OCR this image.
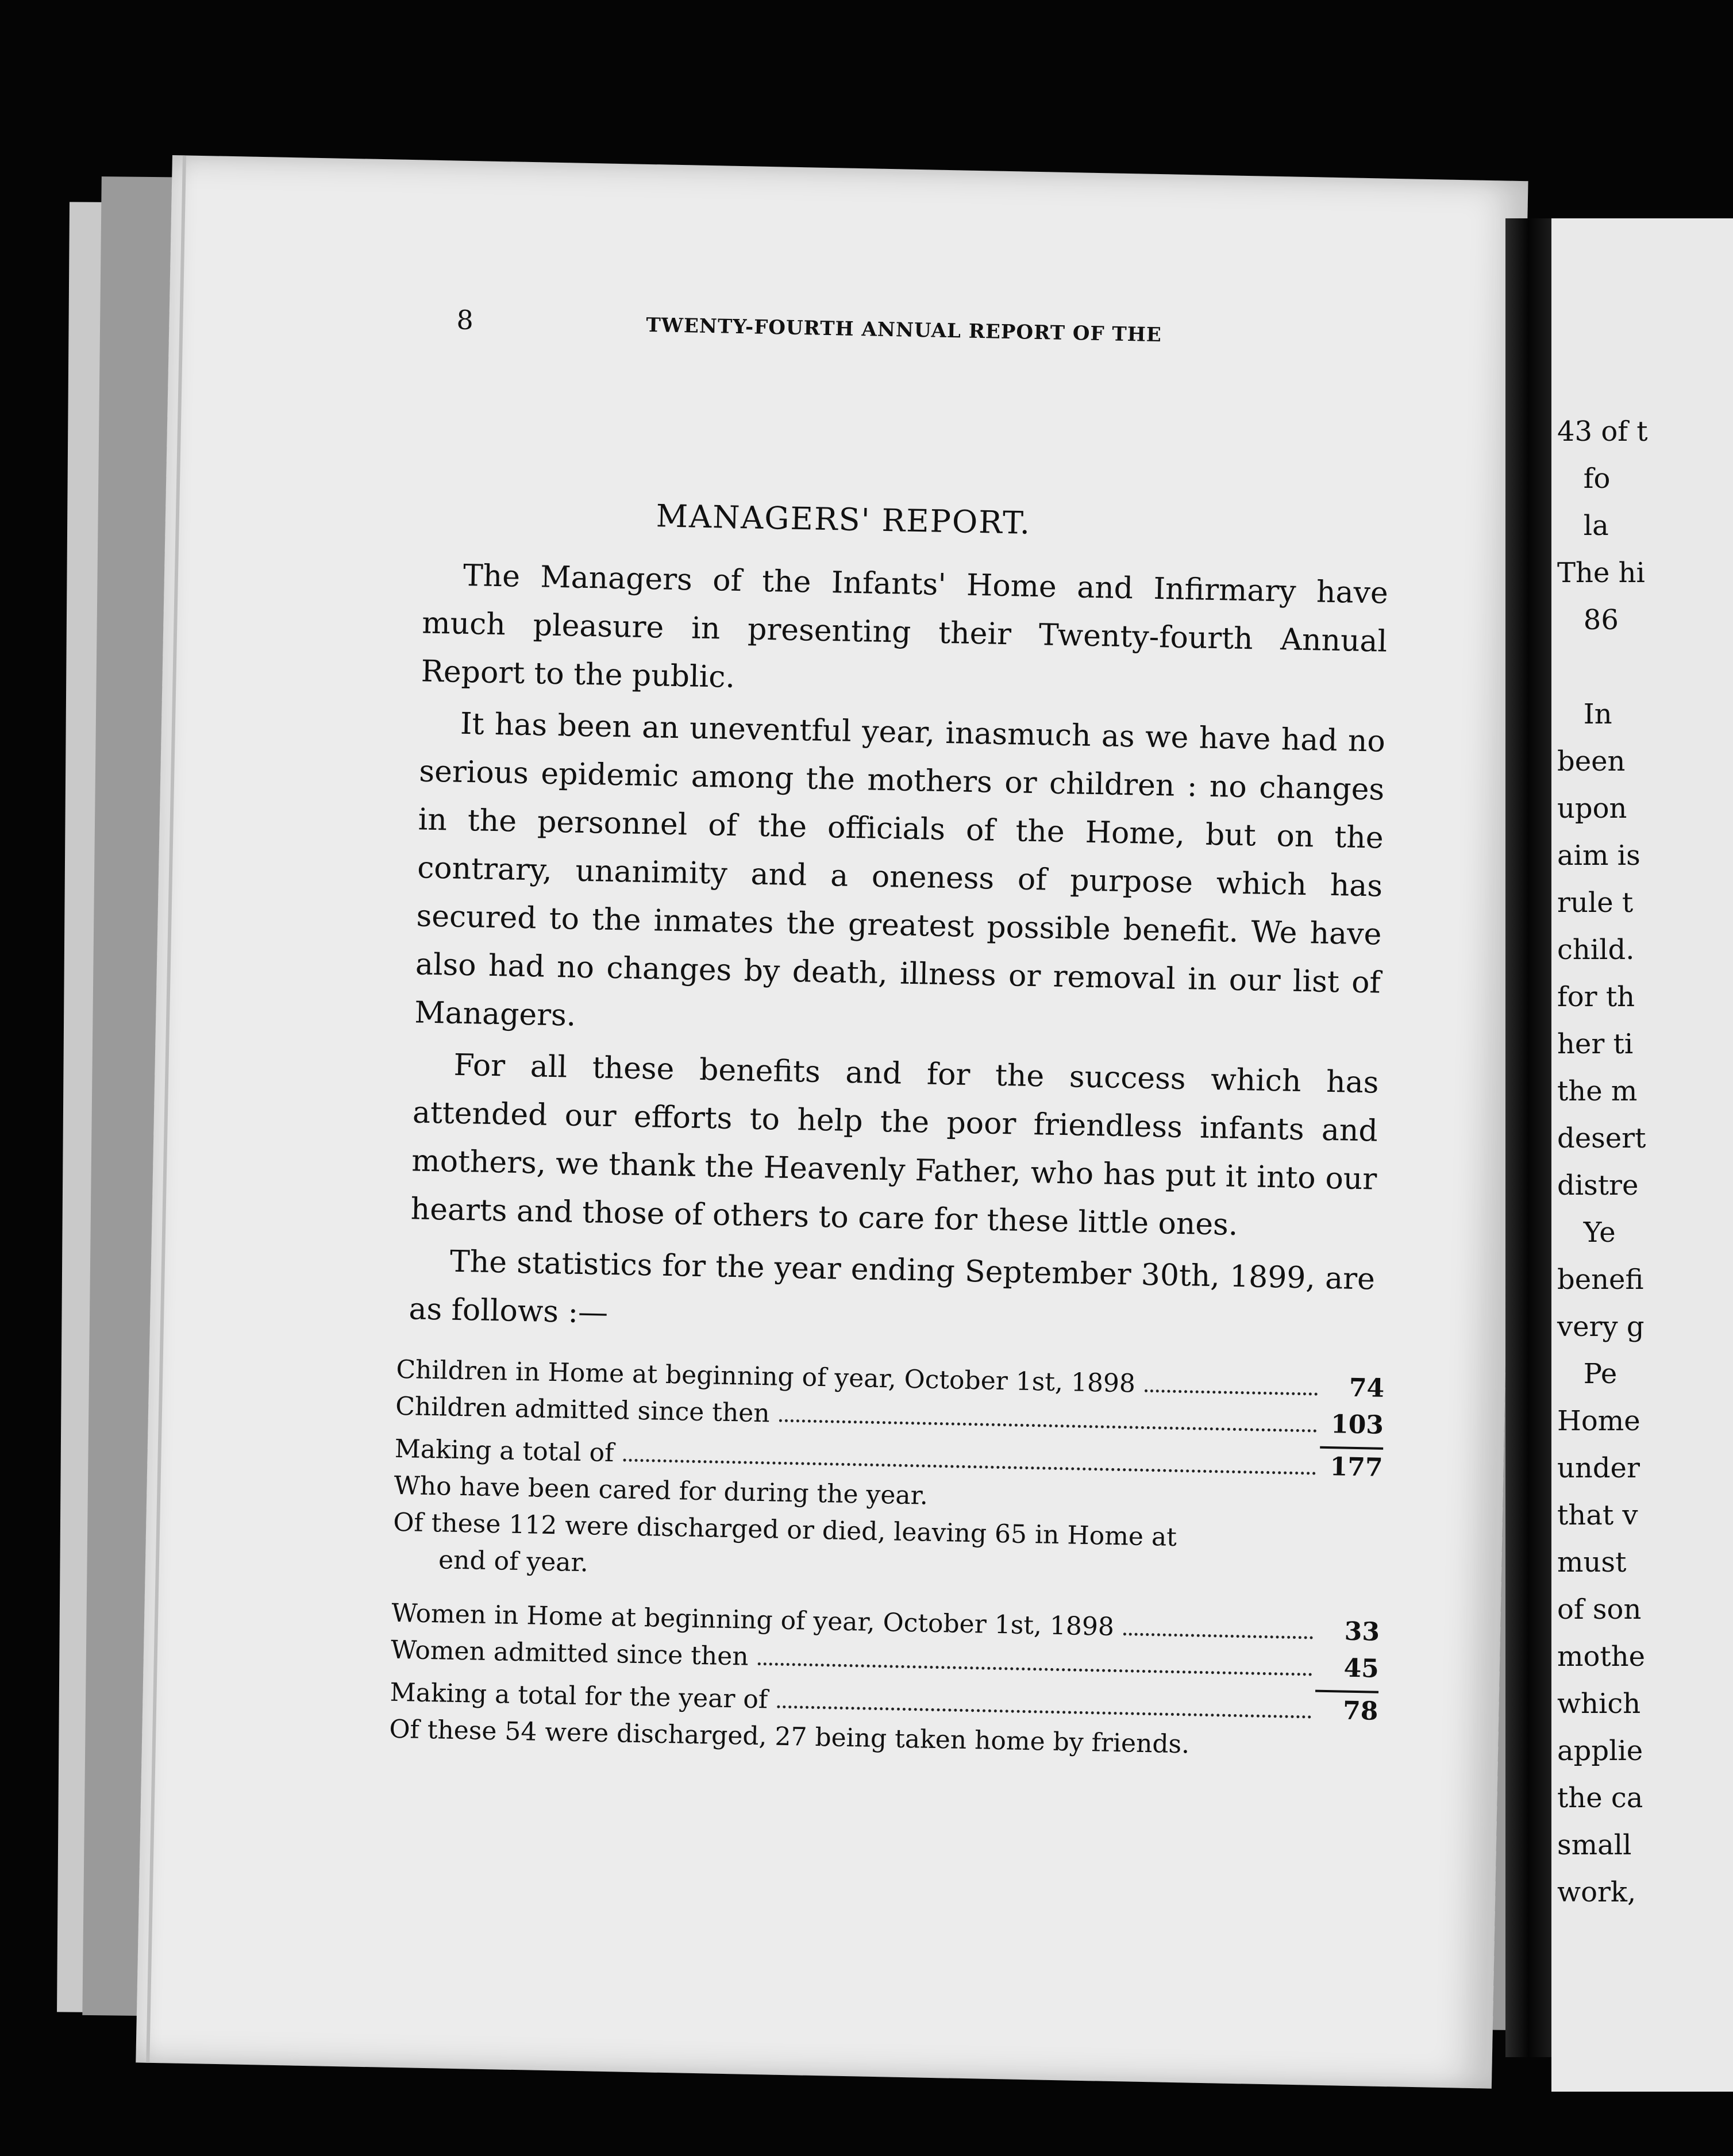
8	TWENTY-FOURTH ANNUAL REPORT OF THE
MANAGERS' REPORT.

The Managers of the Infants' Home and Infirmary have much pleasure in presenting their Twenty-fourth Annual Report to the public.

It has been an uneventful year, inasmuch as we have had no serious epidemic among the mothers or children : no changes in the personnel of the officials of the Home, but on the contrary, unanimity and a oneness of purpose which has secured to the inmates the greatest possible benefit. We have also had no changes by death, illness or removal in our list of Managers.

For all these benefits and for the success which has attended our efforts to help the poor friendless infants and mothers, we thank the Heavenly Father, who has put it into our hearts and those of others to care for these little ones.

The statistics for the year ending September 30th, 1899, are as follows :—

Children in Home at beginning of year, October 1st, 1898	74
Children admitted since then	103
Making a total of	177
Who have been cared for during the year.
Of these 112 were discharged or died, leaving 65 in Home at
end of year.
Women in Home at beginning of year, October 1st, 1898	33
Women admitted since then	45
Making a total for the year of	78
Of these 54 were discharged, 27 being taken home by friends.
43 of t
fo
la
The hi
86
In
been
upon
aim is
rule t
child.
for th
her ti
the m
desert
distre
Ye
benefi
very g
Pe
Home
under
that v
must
of son
mothe
which
applie
the ca
small
work,
